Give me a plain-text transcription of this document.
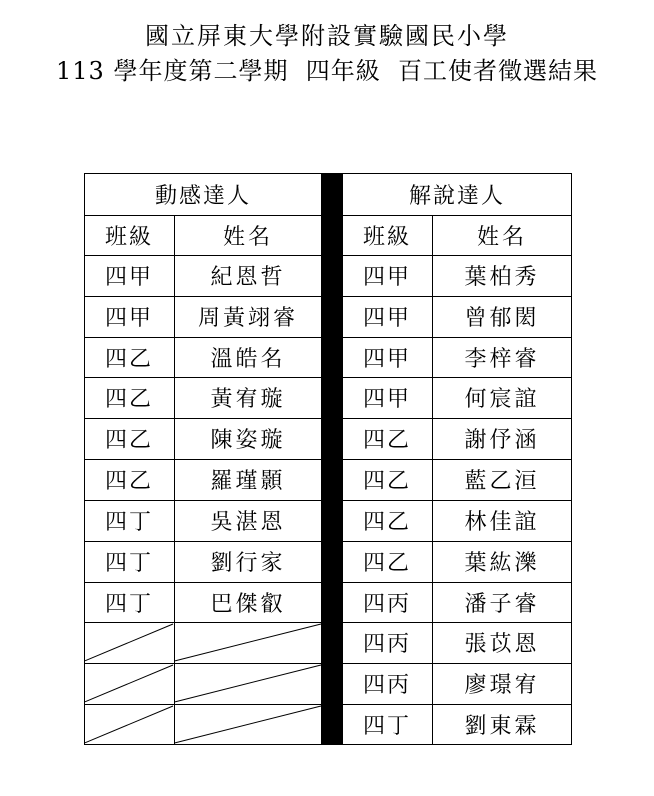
國立屏東大學附設實驗國民小學
113 學年度第二學期  四年級  百工使者徵選結果
動感達人
班級	姓名
四甲	紀恩哲
四甲	周黃翊睿
四乙	溫皓名
四乙	黃宥璇
四乙	陳姿璇
四乙	羅瑾顥
四丁	吳湛恩
四丁	劉行家
四丁	巴傑叡
解說達人
班級	姓名
四甲	葉柏秀
四甲	曾郁閎
四甲	李梓睿
四甲	何宸誼
四乙	謝伃涵
四乙	藍乙洹
四乙	林佳誼
四乙	葉紘濼
四丙	潘子睿
四丙	張苡恩
四丙	廖璟宥
四丁	劉東霖
